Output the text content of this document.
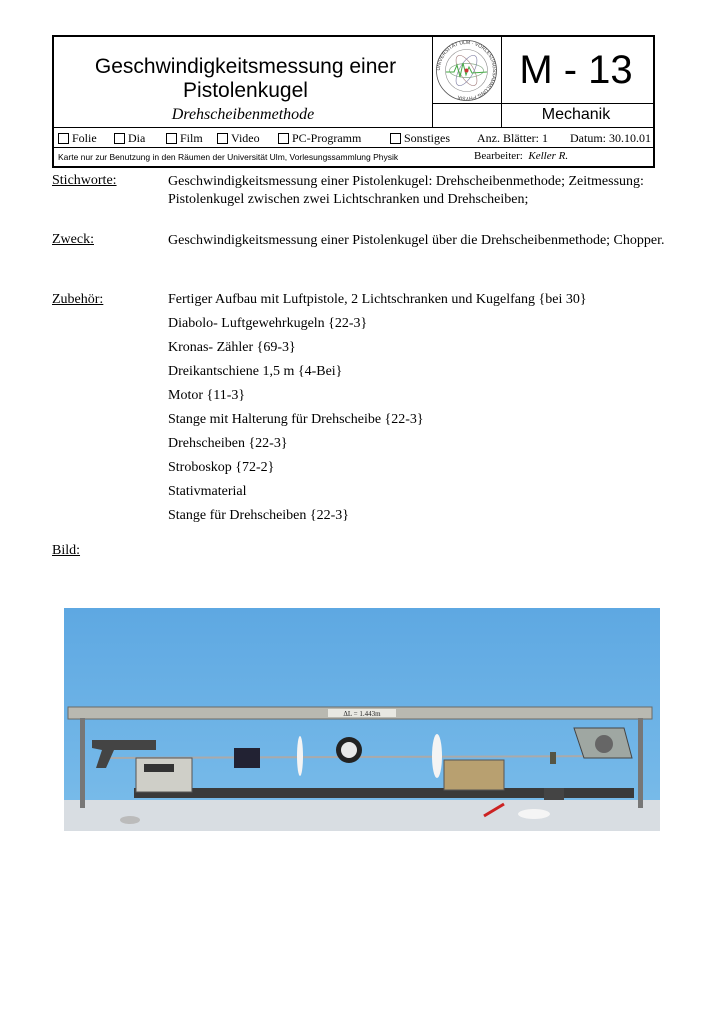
Geschwindigkeitsmessung einer Pistolenkugel
Drehscheibenmethode
UNIVERSITÄT ULM · VORLESUNGSSAMMLUNG PHYSIK
M - 13
Mechanik
Folie	Dia	Film Video	PC-Programm	Sonstiges Anz. Blätter: 1 Datum: 30.10.01
Karte nur zur Benutzung in den Räumen der Universität Ulm, Vorlesungssammlung Physik	Bearbeiter: Keller R.
Stichworte:	Geschwindigkeitsmessung einer Pistolenkugel: Drehscheibenmethode; Zeitmessung: Pistolenkugel zwischen zwei Lichtschranken und Drehscheiben;
Zweck:	Geschwindigkeitsmessung einer Pistolenkugel über die Drehscheibenmethode; Chopper.
Zubehör:	Fertiger Aufbau mit Luftpistole, 2 Lichtschranken und Kugelfang {bei 30}
Diabolo- Luftgewehrkugeln {22-3}
Kronas- Zähler {69-3}
Dreikantschiene 1,5 m {4-Bei}
Motor {11-3}
Stange mit Halterung für Drehscheibe {22-3}
Drehscheiben {22-3}
Stroboskop {72-2}
Stativmaterial
Stange für Drehscheiben {22-3}
Bild:
ΔL = 1.443m
